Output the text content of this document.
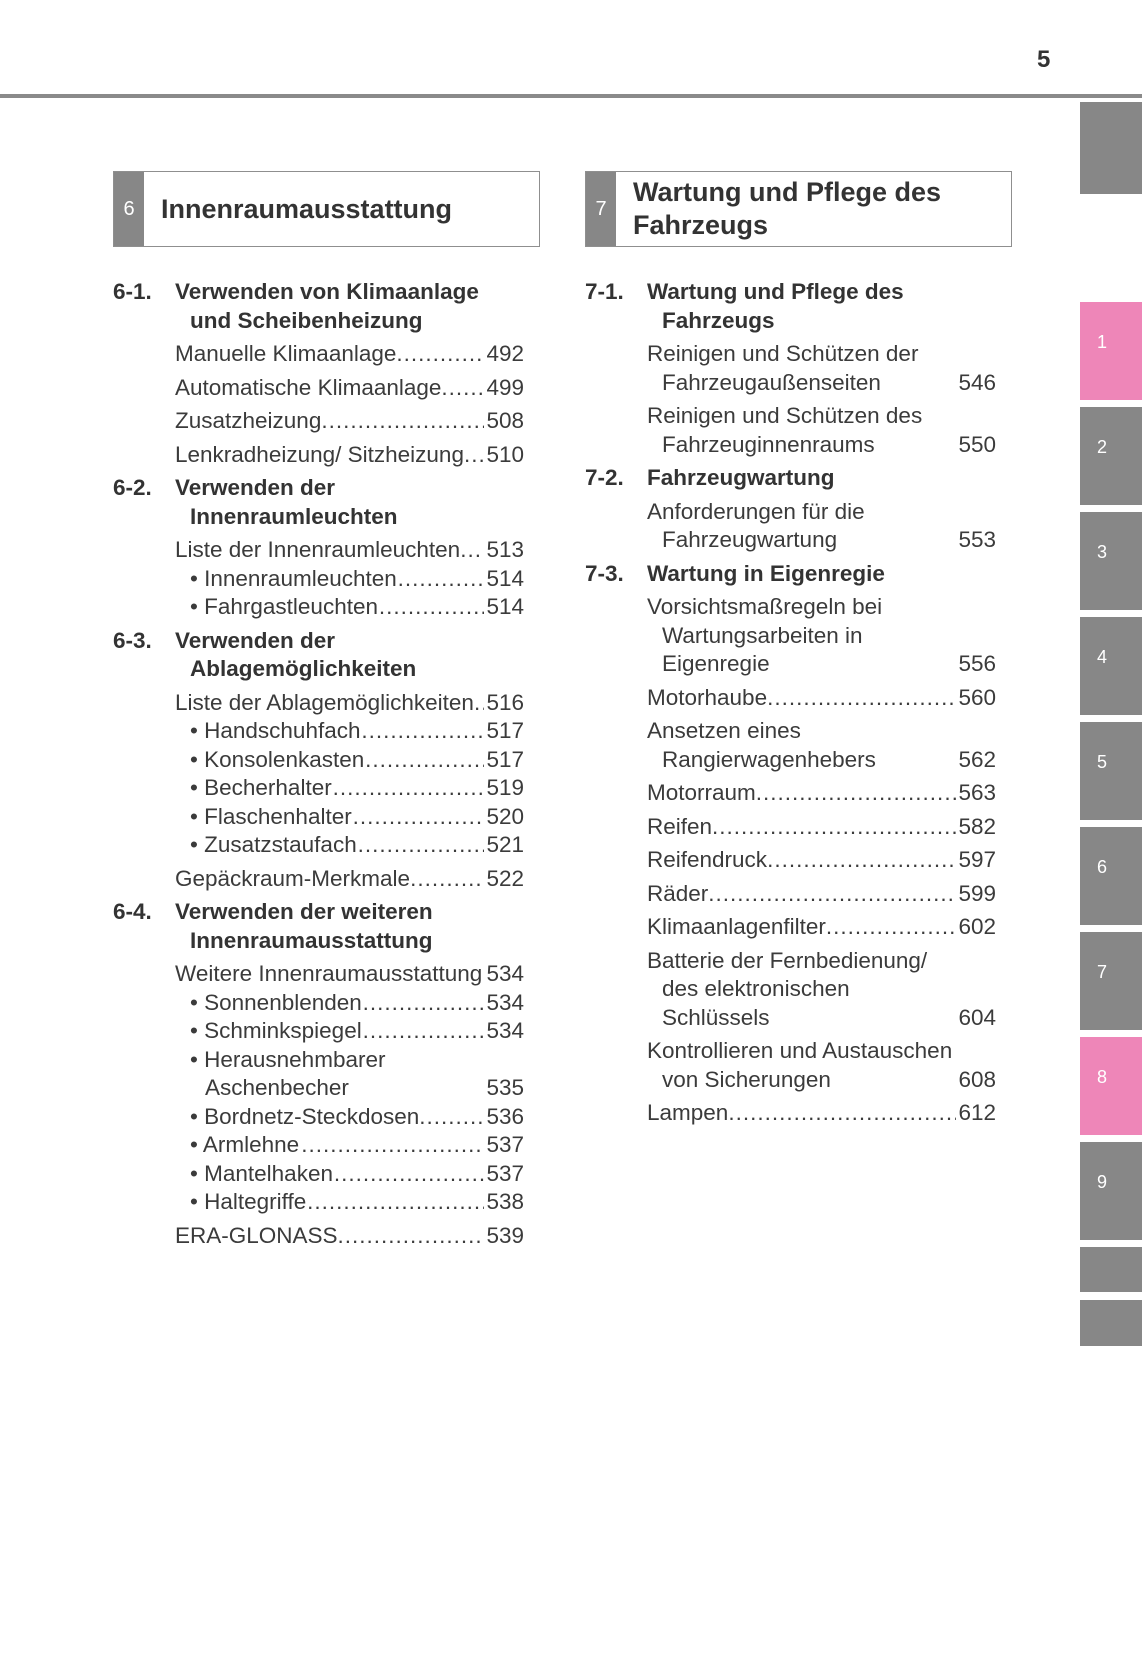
5
1
2
3
4
5
6
7
8
9
6 Innenraumausstattung	7
Wartung und Pflege des Fahrzeugs
6-1.	Verwenden von Klimaanlage und Scheibenheizung
Manuelle Klimaanlage .....	492
Automatische Klimaanlage ..... 499
Zusatzheizung .....	508
Lenkradheizung/ Sitzheizung ..... 510
6-2.	Verwenden der Innenraumleuchten
Liste der Innenraumleuchten ..... 513
• Innenraumleuchten .....	514
• Fahrgastleuchten .....	514
6-3.	Verwenden der Ablagemöglichkeiten
Liste der Ablagemöglichkeiten ..... 516
• Handschuhfach .....	517
• Konsolenkasten .....	517
• Becherhalter .....	519
• Flaschenhalter .....	520
• Zusatzstaufach .....	521
Gepäckraum-Merkmale .....	522
6-4.	Verwenden der weiteren Innenraumausstattung
Weitere Innenraumausstattung ..... 534
• Sonnenblenden .....	534
• Schminkspiegel .....	534
• Herausnehmbarer Aschenbecher	535
• Bordnetz-Steckdosen .....	536
• Armlehne .....	537
• Mantelhaken .....	537
• Haltegriffe .....	538
ERA-GLONASS .....	539
7-1.	Wartung und Pflege des Fahrzeugs
Reinigen und Schützen der Fahrzeugaußenseiten	546
Reinigen und Schützen des Fahrzeuginnenraums	550
7-2.	Fahrzeugwartung
Anforderungen für die Fahrzeugwartung	553
7-3.	Wartung in Eigenregie
Vorsichtsmaßregeln bei Wartungsarbeiten in Eigenregie	556
Motorhaube .....	560
Ansetzen eines Rangierwagenhebers	562
Motorraum .....	563
Reifen .....	582
Reifendruck .....	597
Räder .....	599
Klimaanlagenfilter .....	602
Batterie der Fernbedienung/ des elektronischen Schlüssels	604
Kontrollieren und Austauschen von Sicherungen	608
Lampen .....	612
